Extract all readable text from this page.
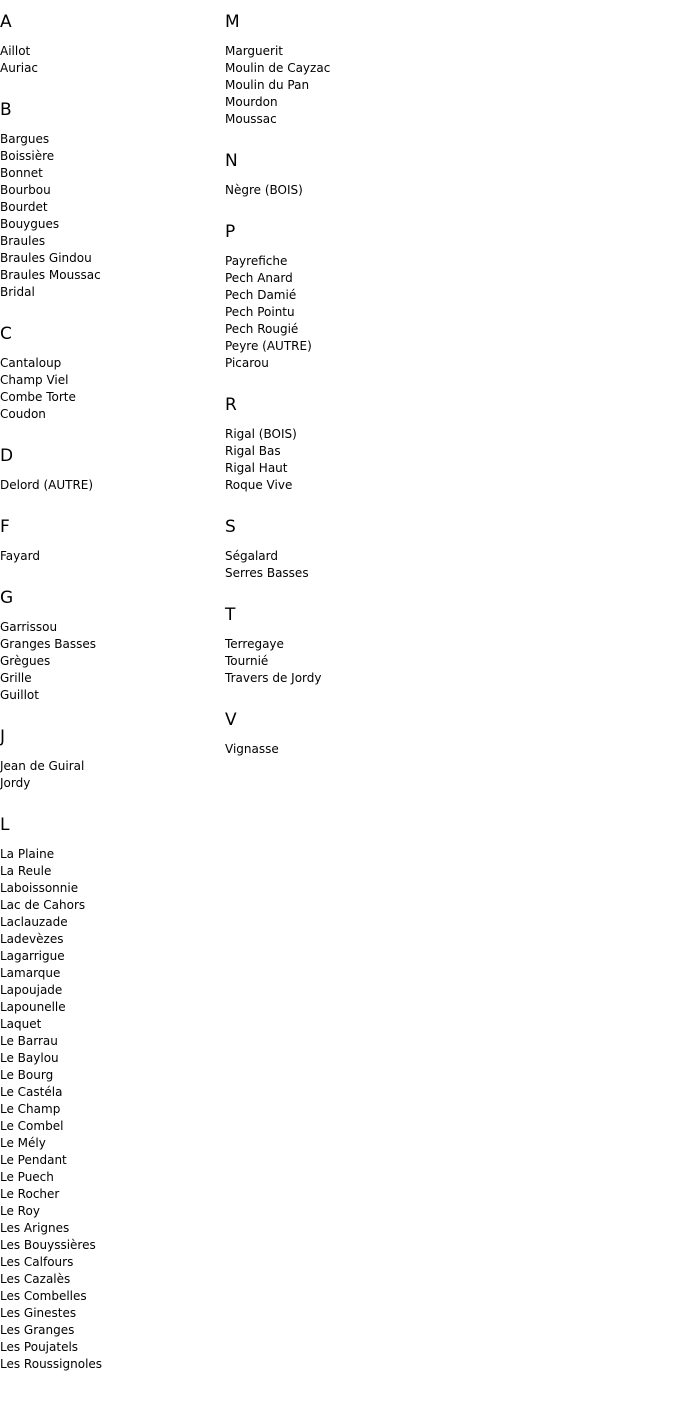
A
Aillot
Auriac
B
Bargues
Boissière
Bonnet
Bourbou
Bourdet
Bouygues
Braules
Braules Gindou
Braules Moussac
Bridal
C
Cantaloup
Champ Viel
Combe Torte
Coudon
D
Delord (AUTRE)
F
Fayard
G
Garrissou
Granges Basses
Grègues
Grille
Guillot
J
Jean de Guiral
Jordy
L
La Plaine
La Reule
Laboissonnie
Lac de Cahors
Laclauzade
Ladevèzes
Lagarrigue
Lamarque
Lapoujade
Lapounelle
Laquet
Le Barrau
Le Baylou
Le Bourg
Le Castéla
Le Champ
Le Combel
Le Mély
Le Pendant
Le Puech
Le Rocher
Le Roy
Les Arignes
Les Bouyssières
Les Calfours
Les Cazalès
Les Combelles
Les Ginestes
Les Granges
Les Poujatels
Les Roussignoles
M
Marguerit
Moulin de Cayzac
Moulin du Pan
Mourdon
Moussac
N
Nègre (BOIS)
P
Payrefiche
Pech Anard
Pech Damié
Pech Pointu
Pech Rougié
Peyre (AUTRE)
Picarou
R
Rigal (BOIS)
Rigal Bas
Rigal Haut
Roque Vive
S
Ségalard
Serres Basses
T
Terregaye
Tournié
Travers de Jordy
V
Vignasse
